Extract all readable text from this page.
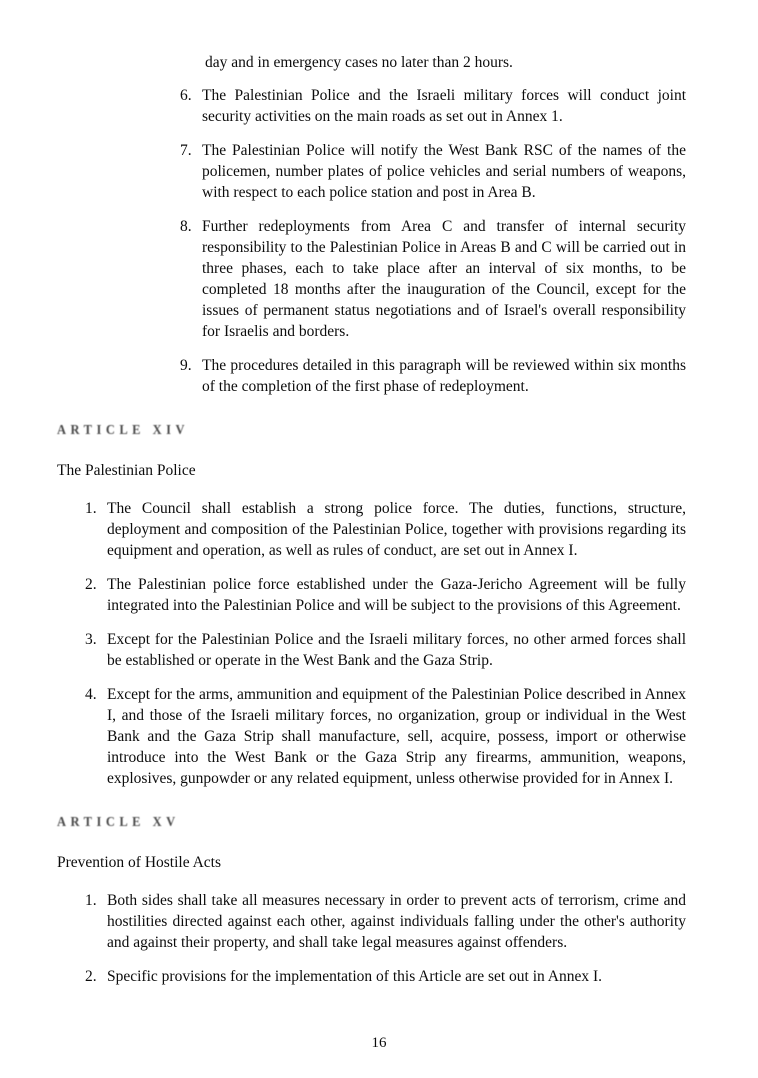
day and in emergency cases no later than 2 hours.

6. The Palestinian Police and the Israeli military forces will conduct joint security activities on the main roads as set out in Annex 1.
7. The Palestinian Police will notify the West Bank RSC of the names of the policemen, number plates of police vehicles and serial numbers of weapons, with respect to each police station and post in Area B.
8. Further redeployments from Area C and transfer of internal security responsibility to the Palestinian Police in Areas B and C will be carried out in three phases, each to take place after an interval of six months, to be completed 18 months after the inauguration of the Council, except for the issues of permanent status negotiations and of Israel's overall responsibility for Israelis and borders.
9. The procedures detailed in this paragraph will be reviewed within six months of the completion of the first phase of redeployment.
ARTICLE XIV

The Palestinian Police

1. The Council shall establish a strong police force. The duties, functions, structure, deployment and composition of the Palestinian Police, together with provisions regarding its equipment and operation, as well as rules of conduct, are set out in Annex I.
2. The Palestinian police force established under the Gaza-Jericho Agreement will be fully integrated into the Palestinian Police and will be subject to the provisions of this Agreement.
3. Except for the Palestinian Police and the Israeli military forces, no other armed forces shall be established or operate in the West Bank and the Gaza Strip.
4. Except for the arms, ammunition and equipment of the Palestinian Police described in Annex I, and those of the Israeli military forces, no organization, group or individual in the West Bank and the Gaza Strip shall manufacture, sell, acquire, possess, import or otherwise introduce into the West Bank or the Gaza Strip any firearms, ammunition, weapons, explosives, gunpowder or any related equipment, unless otherwise provided for in Annex I.
ARTICLE XV

Prevention of Hostile Acts

1. Both sides shall take all measures necessary in order to prevent acts of terrorism, crime and hostilities directed against each other, against individuals falling under the other's authority and against their property, and shall take legal measures against offenders.
2. Specific provisions for the implementation of this Article are set out in Annex I.
16
